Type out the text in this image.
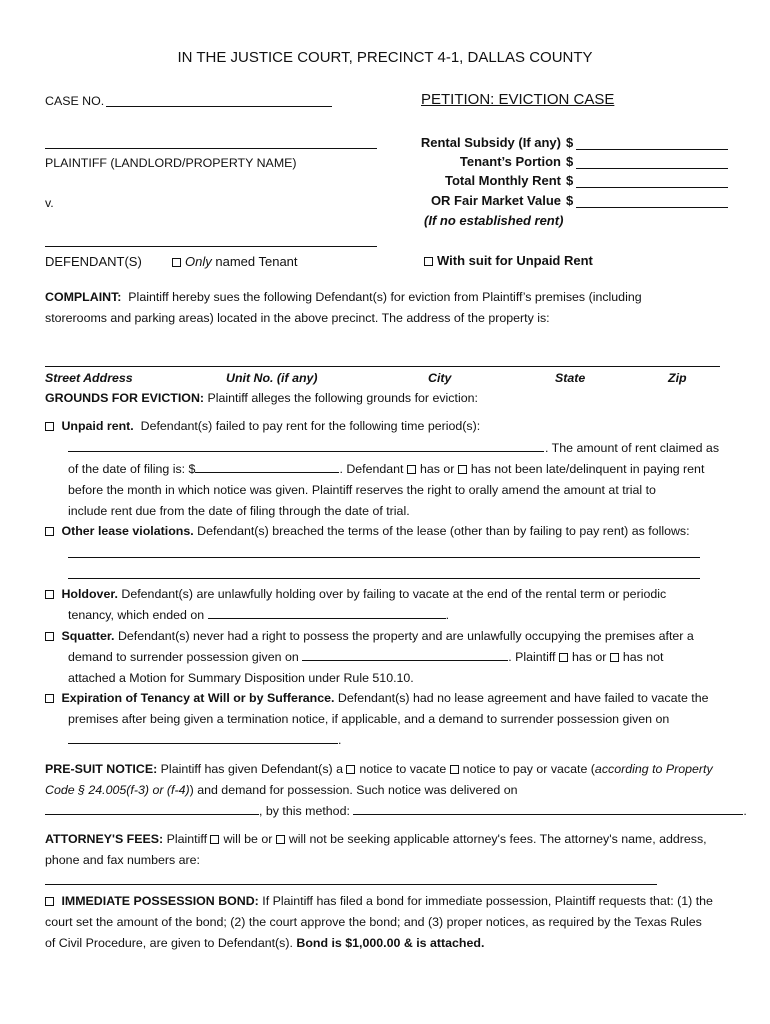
IN THE JUSTICE COURT, PRECINCT 4-1, DALLAS COUNTY
CASE NO.	PETITION: EVICTION CASE
PLAINTIFF (LANDLORD/PROPERTY NAME)
v.
DEFENDANT(S)	Only named Tenant
Rental Subsidy (If any) $
Tenant’s Portion $
Total Monthly Rent $
OR Fair Market Value $
(If no established rent)
With suit for Unpaid Rent
COMPLAINT: Plaintiff hereby sues the following Defendant(s) for eviction from Plaintiff’s premises (including
storerooms and parking areas) located in the above precinct. The address of the property is:
Street Address	Unit No. (if any)	City	State	Zip
GROUNDS FOR EVICTION: Plaintiff alleges the following grounds for eviction:
Unpaid rent. Defendant(s) failed to pay rent for the following time period(s):
. The amount of rent claimed as
of the date of filing is: $	. Defendant has or has not been late/delinquent in paying rent
before the month in which notice was given. Plaintiff reserves the right to orally amend the amount at trial to
include rent due from the date of filing through the date of trial.
Other lease violations. Defendant(s) breached the terms of the lease (other than by failing to pay rent) as follows:
Holdover. Defendant(s) are unlawfully holding over by failing to vacate at the end of the rental term or periodic
tenancy, which ended on	.
Squatter. Defendant(s) never had a right to possess the property and are unlawfully occupying the premises after a
demand to surrender possession given on	. Plaintiff has or has not
attached a Motion for Summary Disposition under Rule 510.10.
Expiration of Tenancy at Will or by Sufferance. Defendant(s) had no lease agreement and have failed to vacate the
premises after being given a termination notice, if applicable, and a demand to surrender possession given on
.
PRE-SUIT NOTICE: Plaintiff has given Defendant(s) a notice to vacate notice to pay or vacate (according to Property
Code § 24.005(f-3) or (f-4)) and demand for possession. Such notice was delivered on
, by this method:	.
ATTORNEY'S FEES: Plaintiff will be or will not be seeking applicable attorney's fees. The attorney's name, address,
phone and fax numbers are:
IMMEDIATE POSSESSION BOND: If Plaintiff has filed a bond for immediate possession, Plaintiff requests that: (1) the
court set the amount of the bond; (2) the court approve the bond; and (3) proper notices, as required by the Texas Rules
of Civil Procedure, are given to Defendant(s). Bond is $1,000.00 & is attached.
